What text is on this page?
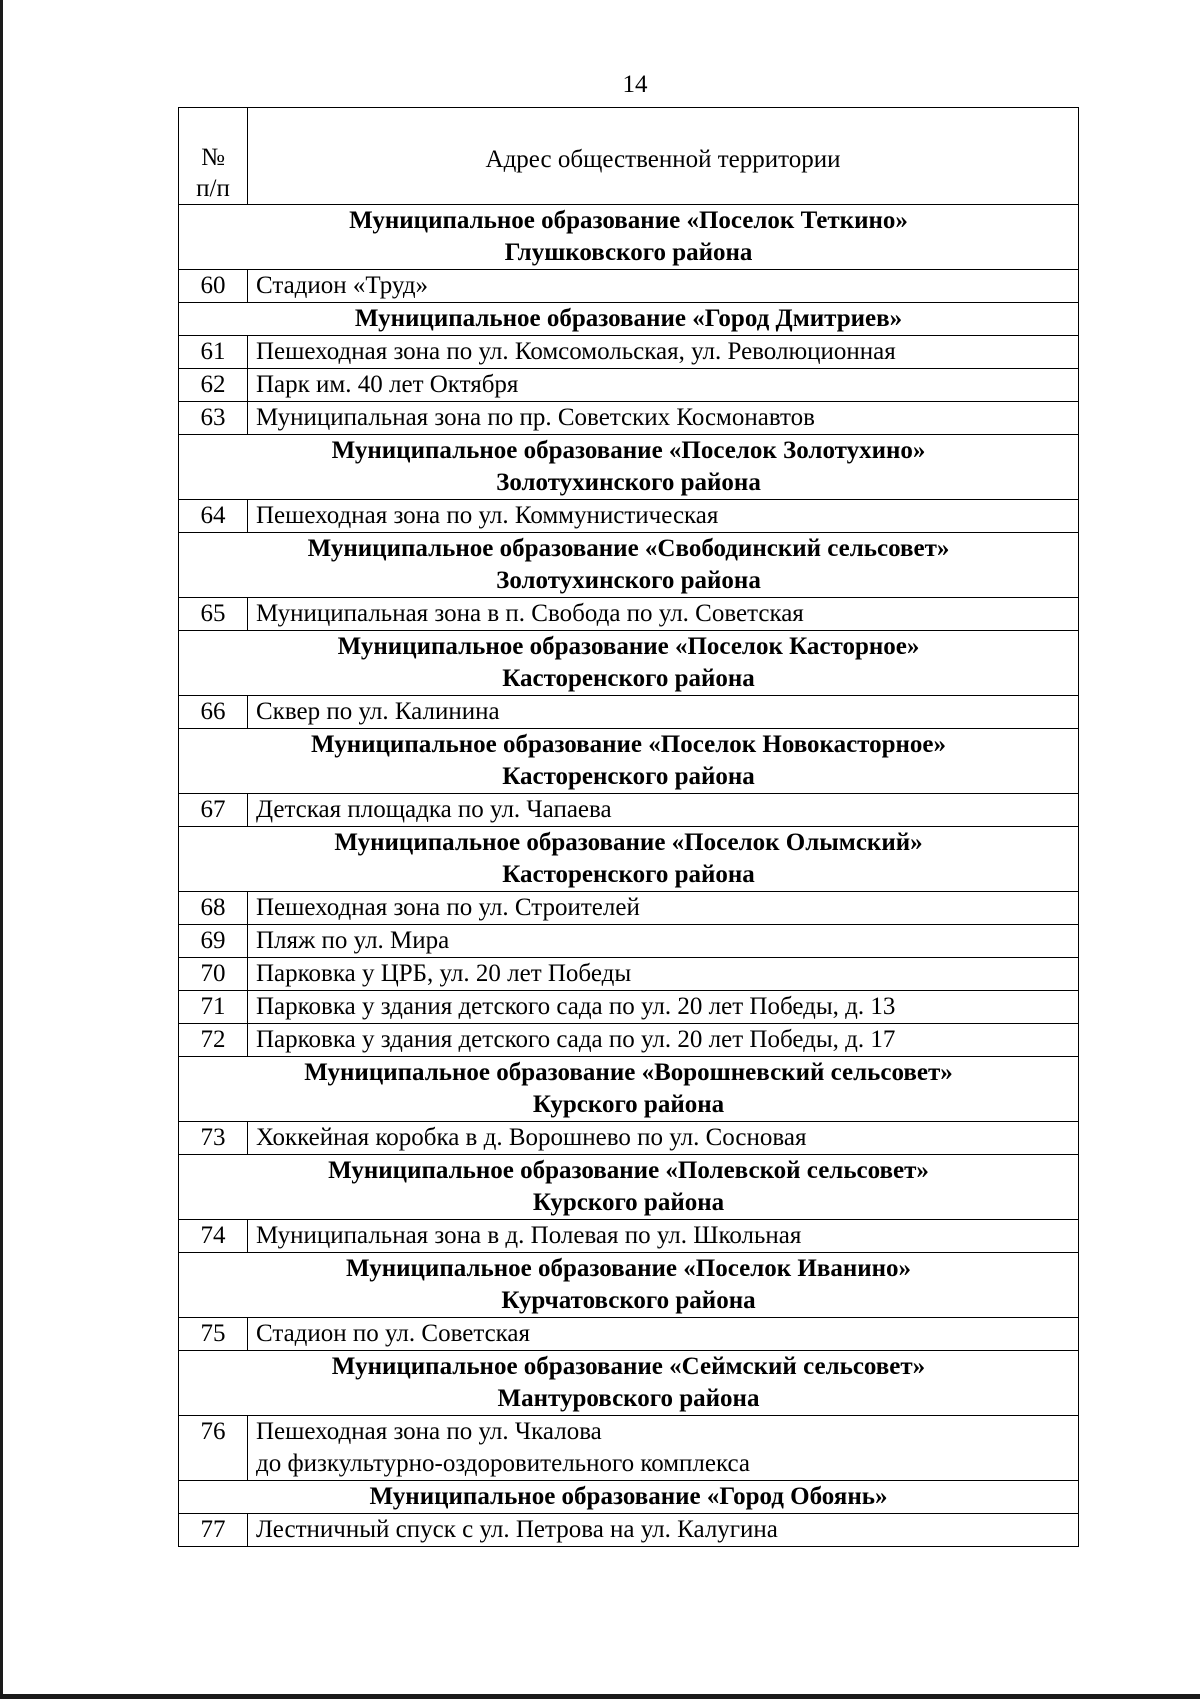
14
№
п/п	Адрес общественной территории

Муниципальное образование «Поселок Теткино»
Глушковского района	

60	Стадион «Труд»

Муниципальное образование «Город Дмитриев»	

61	Пешеходная зона по ул. Комсомольская, ул. Революционная

62	Парк им. 40 лет Октября

63	Муниципальная зона по пр. Советских Космонавтов

Муниципальное образование «Поселок Золотухино»
Золотухинского района	

64	Пешеходная зона по ул. Коммунистическая

Муниципальное образование «Свободинский сельсовет»
Золотухинского района	

65	Муниципальная зона в п. Свобода по ул. Советская

Муниципальное образование «Поселок Касторное»
Касторенского района	

66	Сквер по ул. Калинина

Муниципальное образование «Поселок Новокасторное»
Касторенского района	

67	Детская площадка по ул. Чапаева

Муниципальное образование «Поселок Олымский»
Касторенского района	

68	Пешеходная зона по ул. Строителей

69	Пляж по ул. Мира

70	Парковка у ЦРБ, ул. 20 лет Победы

71	Парковка у здания детского сада по ул. 20 лет Победы, д. 13

72	Парковка у здания детского сада по ул. 20 лет Победы, д. 17

Муниципальное образование «Ворошневский сельсовет»
Курского района	

73	Хоккейная коробка в д. Ворошнево по ул. Сосновая

Муниципальное образование «Полевской сельсовет»
Курского района	

74	Муниципальная зона в д. Полевая по ул. Школьная

Муниципальное образование «Поселок Иванино»
Курчатовского района	

75	Стадион по ул. Советская

Муниципальное образование «Сеймский сельсовет»
Мантуровского района	

76	Пешеходная зона по ул. Чкалова
до физкультурно-оздоровительного комплекса

Муниципальное образование «Город Обоянь»	

77	Лестничный спуск с ул. Петрова на ул. Калугина
